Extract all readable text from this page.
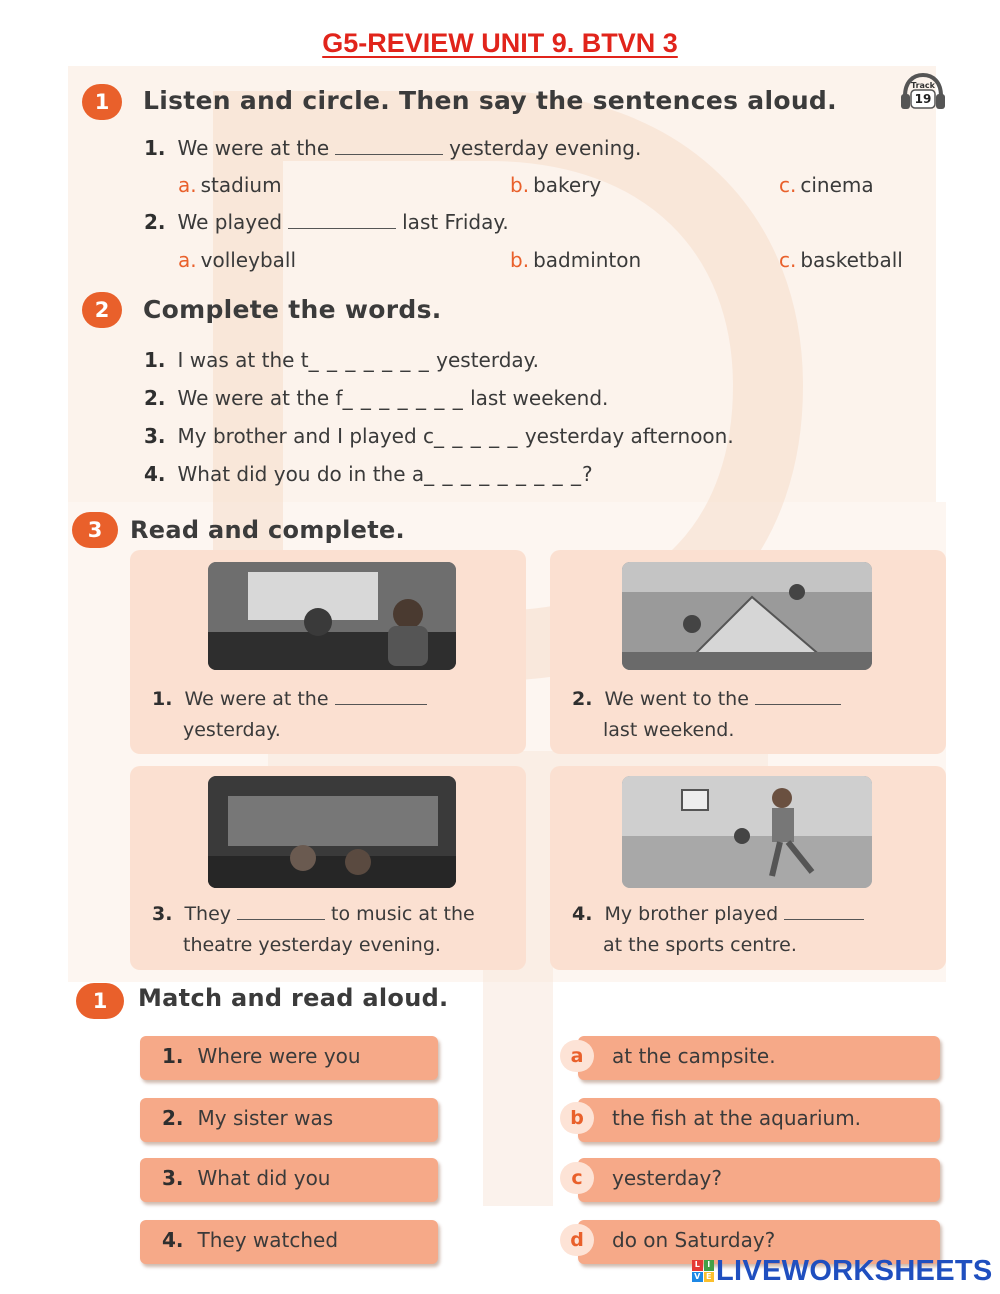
G5-REVIEW UNIT 9. BTVN 3
1	Listen and circle. Then say the sentences aloud.
Track
19
1. We were at the	yesterday evening.
a. stadium	b. bakery	c. cinema
2. We played	last Friday.
a. volleyball	b. badminton	c. basketball
2	Complete the words.
1. I was at the t_ _ _ _ _ _ _ yesterday.
2. We were at the f_ _ _ _ _ _ _ last weekend.
3. My brother and I played c_ _ _ _ _ yesterday afternoon.
4. What did you do in the a_ _ _ _ _ _ _ _ _?
3	Read and complete.
1. We were at the
yesterday.
2. We went to the
last weekend.
3. They	to music at the
theatre yesterday evening.
4. My brother played
at the sports centre.
1	Match and read aloud.
1. Where were you
2. My sister was
3. What did you
4. They watched
a	at the campsite.
b	the fish at the aquarium.
c	yesterday?
d	do on Saturday?
L I
V E LIVEWORKSHEETS
